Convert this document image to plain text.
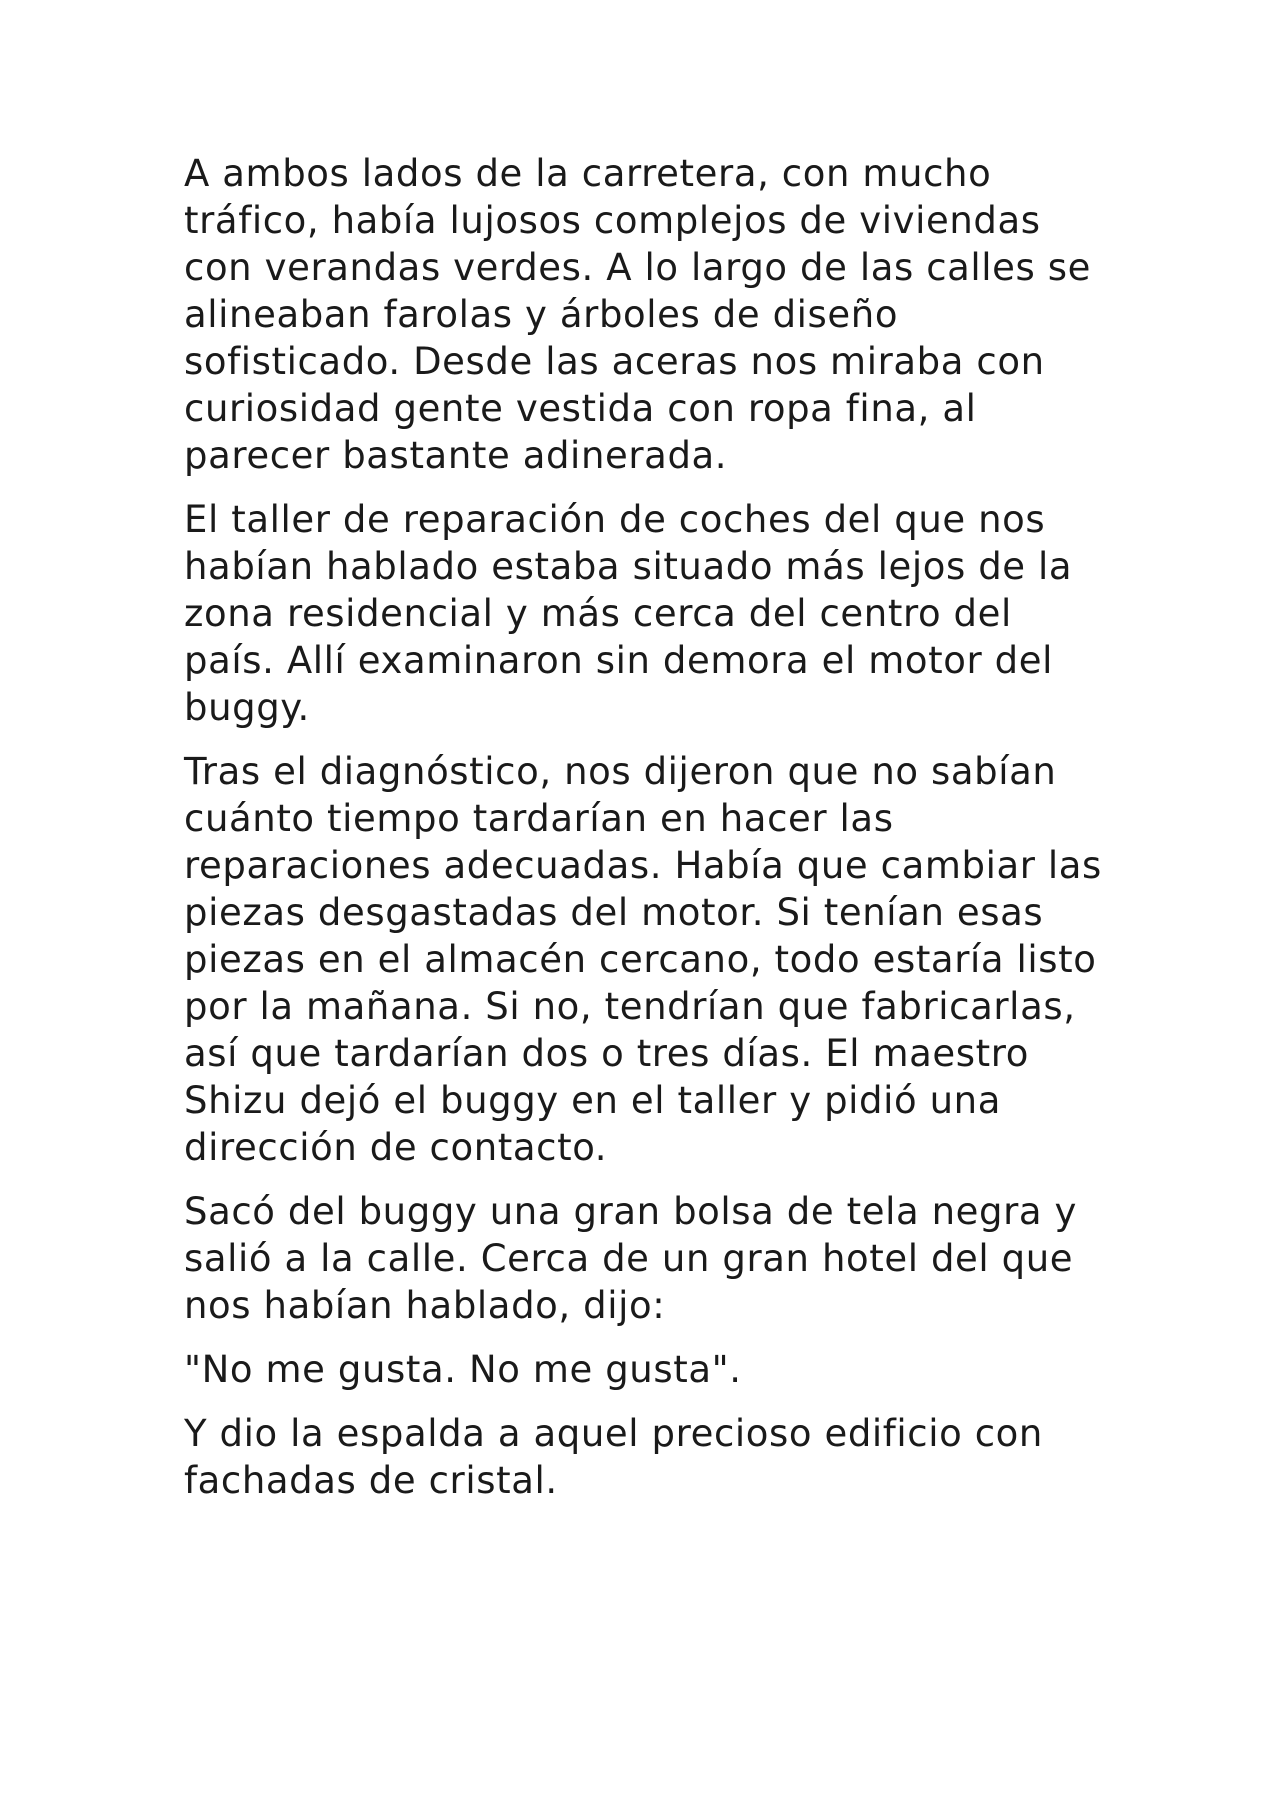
A ambos lados de la carretera, con mucho tráfico, había lujosos complejos de viviendas con verandas verdes. A lo largo de las calles se alineaban farolas y árboles de diseño sofisticado. Desde las aceras nos miraba con curiosidad gente vestida con ropa fina, al parecer bastante adinerada.

El taller de reparación de coches del que nos habían hablado estaba situado más lejos de la zona residencial y más cerca del centro del país. Allí examinaron sin demora el motor del buggy.

Tras el diagnóstico, nos dijeron que no sabían cuánto tiempo tardarían en hacer las reparaciones adecuadas. Había que cambiar las piezas desgastadas del motor. Si tenían esas piezas en el almacén cercano, todo estaría listo por la mañana. Si no, tendrían que fabricarlas, así que tardarían dos o tres días. El maestro Shizu dejó el buggy en el taller y pidió una dirección de contacto.

Sacó del buggy una gran bolsa de tela negra y salió a la calle. Cerca de un gran hotel del que nos habían hablado, dijo:

"No me gusta. No me gusta".

Y dio la espalda a aquel precioso edificio con fachadas de cristal.
